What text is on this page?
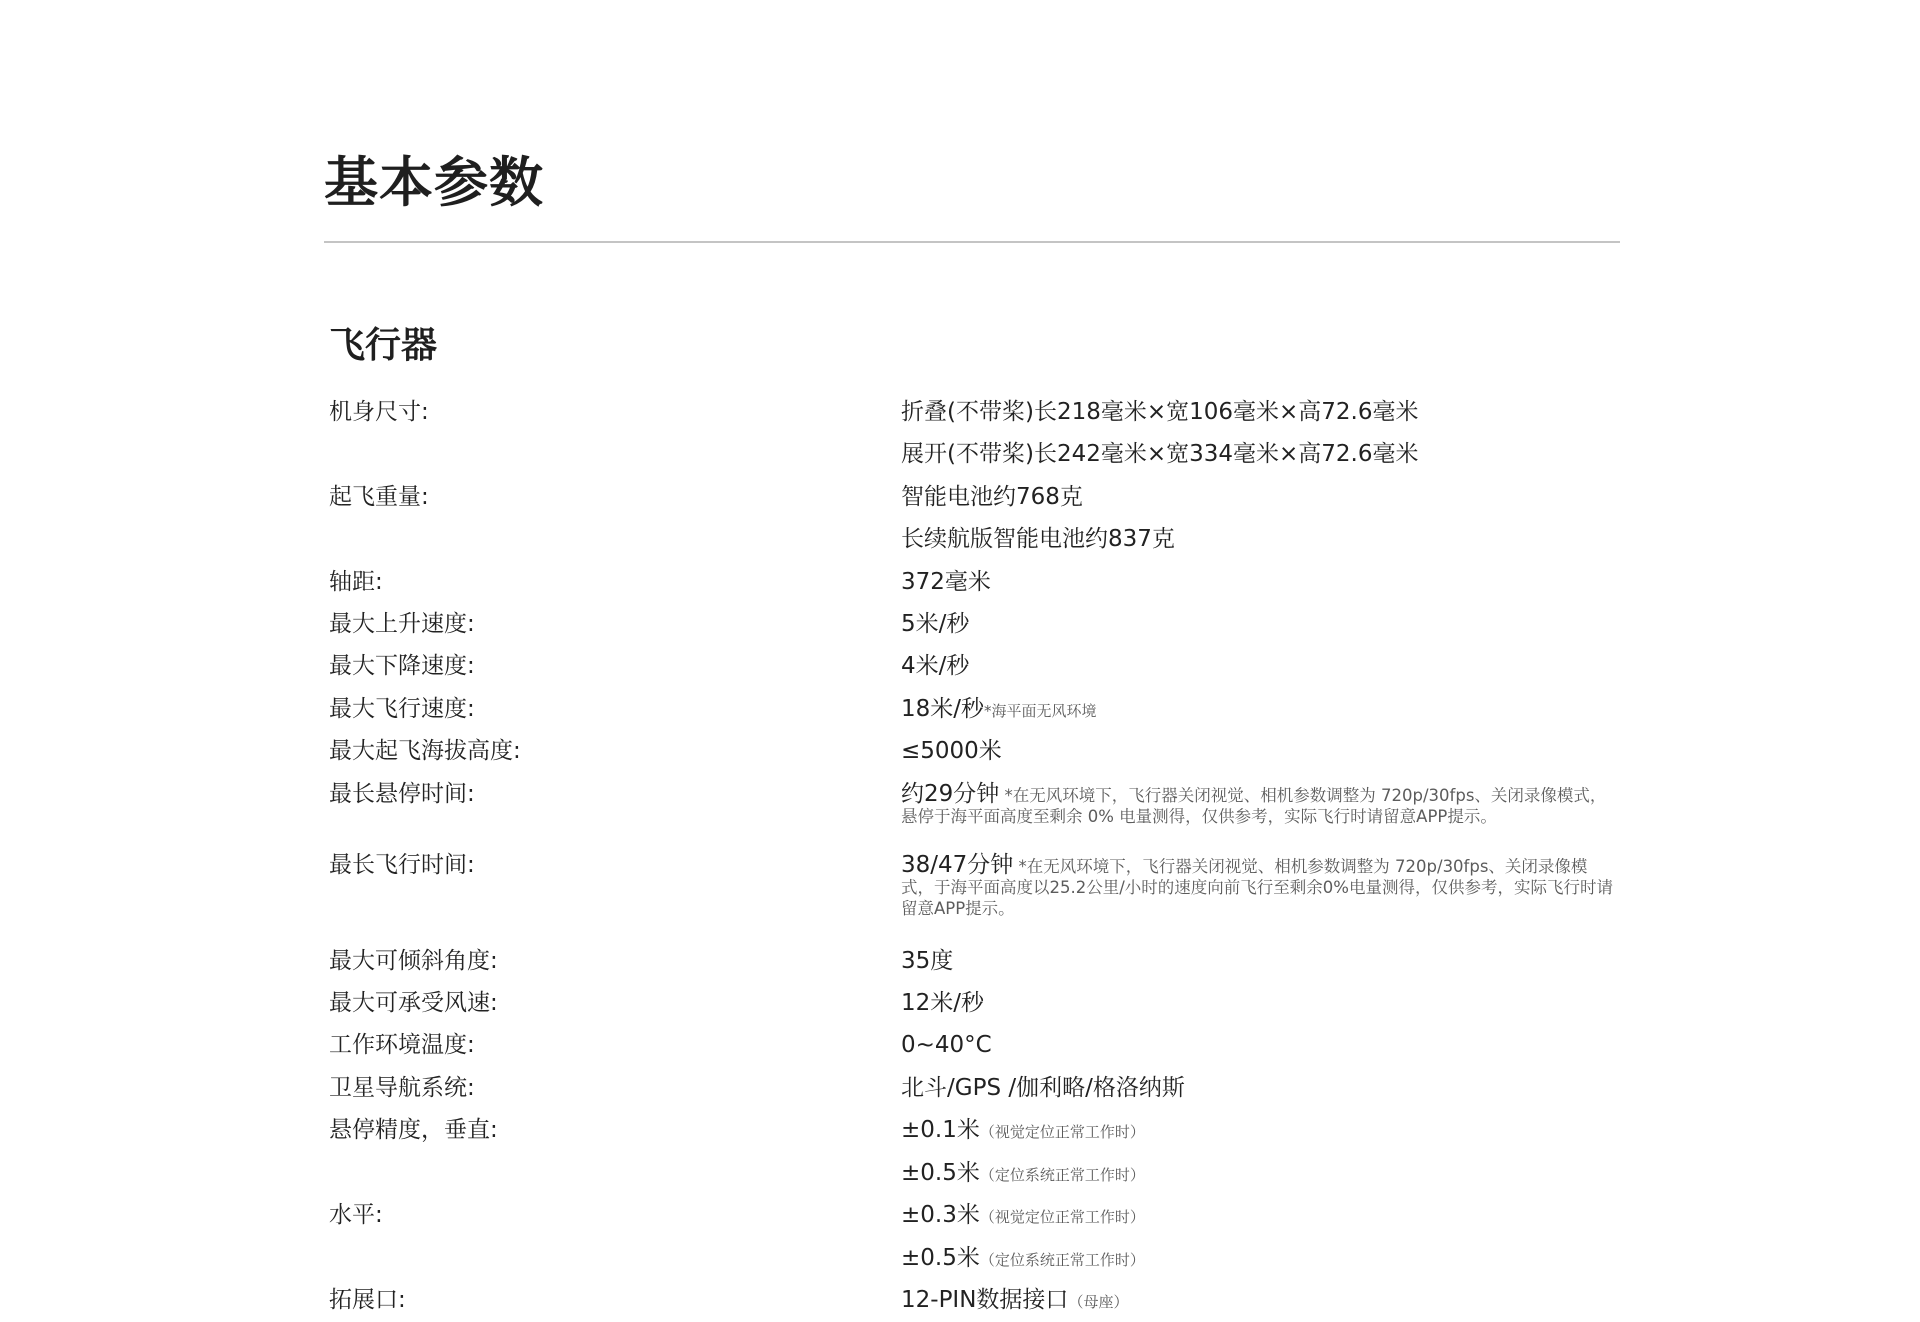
基本参数
飞行器
机身尺寸:	折叠(不带桨)长218毫米×宽106毫米×高72.6毫米
展开(不带桨)长242毫米×宽334毫米×高72.6毫米
起飞重量:	智能电池约768克
长续航版智能电池约837克
轴距:	372毫米
最大上升速度:	5米/秒
最大下降速度:	4米/秒
最大飞行速度:	18米/秒*海平面无风环境
最大起飞海拔高度:	≤5000米
最长悬停时间:	约29分钟 *在无风环境下，飞行器关闭视觉、相机参数调整为 720p/30fps、关闭录像模式，悬停于海平面高度至剩余 0% 电量测得，仅供参考，实际飞行时请留意APP提示。
最长飞行时间:	38/47分钟 *在无风环境下，飞行器关闭视觉、相机参数调整为 720p/30fps、关闭录像模式，于海平面高度以25.2公里/小时的速度向前飞行至剩余0%电量测得，仅供参考，实际飞行时请留意APP提示。
最大可倾斜角度:	35度
最大可承受风速:	12米/秒
工作环境温度:	0~40°C
卫星导航系统:	北斗/GPS /伽利略/格洛纳斯
悬停精度，垂直:	±0.1米（视觉定位正常工作时）
±0.5米（定位系统正常工作时）
水平:	±0.3米（视觉定位正常工作时）
±0.5米（定位系统正常工作时）
拓展口:	12-PIN数据接口（母座）
